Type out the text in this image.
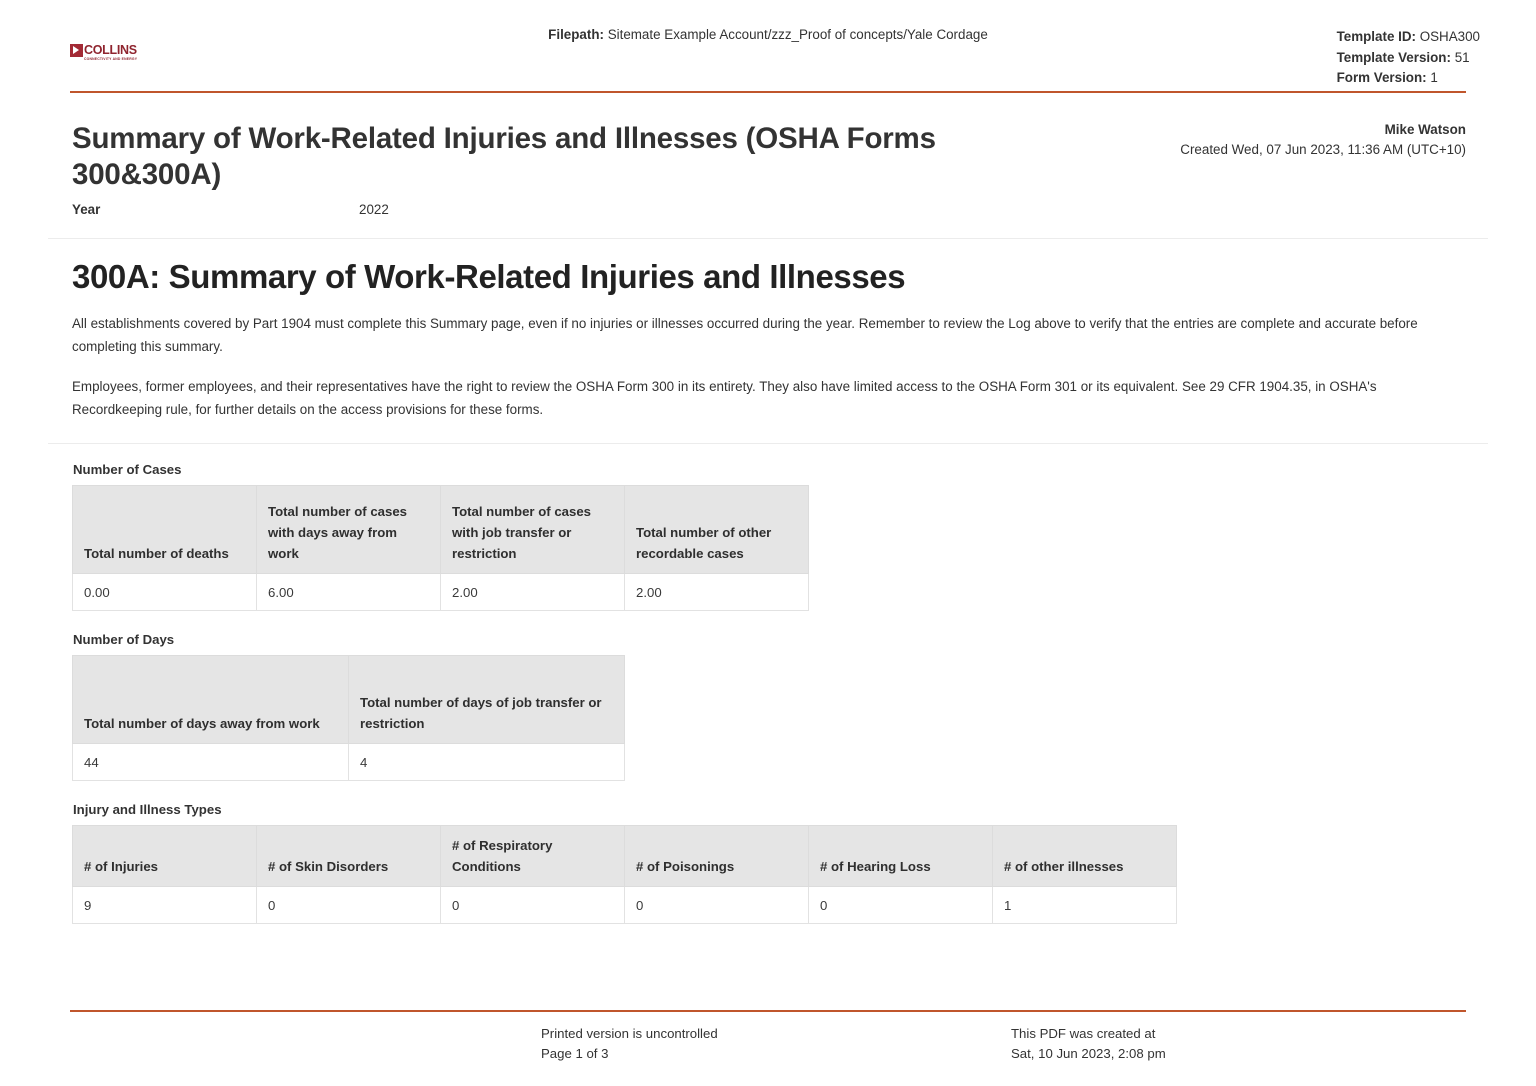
COLLINS
CONNECTIVITY AND ENERGY
Filepath: Sitemate Example Account/zzz_Proof of concepts/Yale Cordage	Template ID: OSHA300
Template Version: 51
Form Version: 1
Summary of Work-Related Injuries and Illnesses (OSHA Forms 300&300A)
Mike Watson
Created Wed, 07 Jun 2023, 11:36 AM (UTC+10)
Year	2022
300A: Summary of Work-Related Injuries and Illnesses

All establishments covered by Part 1904 must complete this Summary page, even if no injuries or illnesses occurred during the year. Remember to review the Log above to verify that the entries are complete and accurate before completing this summary.

Employees, former employees, and their representatives have the right to review the OSHA Form 300 in its entirety. They also have limited access to the OSHA Form 301 or its equivalent. See 29 CFR 1904.35, in OSHA's Recordkeeping rule, for further details on the access provisions for these forms.

Number of Cases
Total number of deaths	Total number of cases with days away from work	Total number of cases with job transfer or restriction	Total number of other recordable cases
0.00	6.00	2.00	2.00
Number of Days
Total number of days away from work	Total number of days of job transfer or restriction
44	4
Injury and Illness Types
# of Injuries	# of Skin Disorders	# of Respiratory Conditions	# of Poisonings	# of Hearing Loss	# of other illnesses
9	0	0	0	0	1
Printed version is uncontrolled
Page 1 of 3
This PDF was created at
Sat, 10 Jun 2023, 2:08 pm
